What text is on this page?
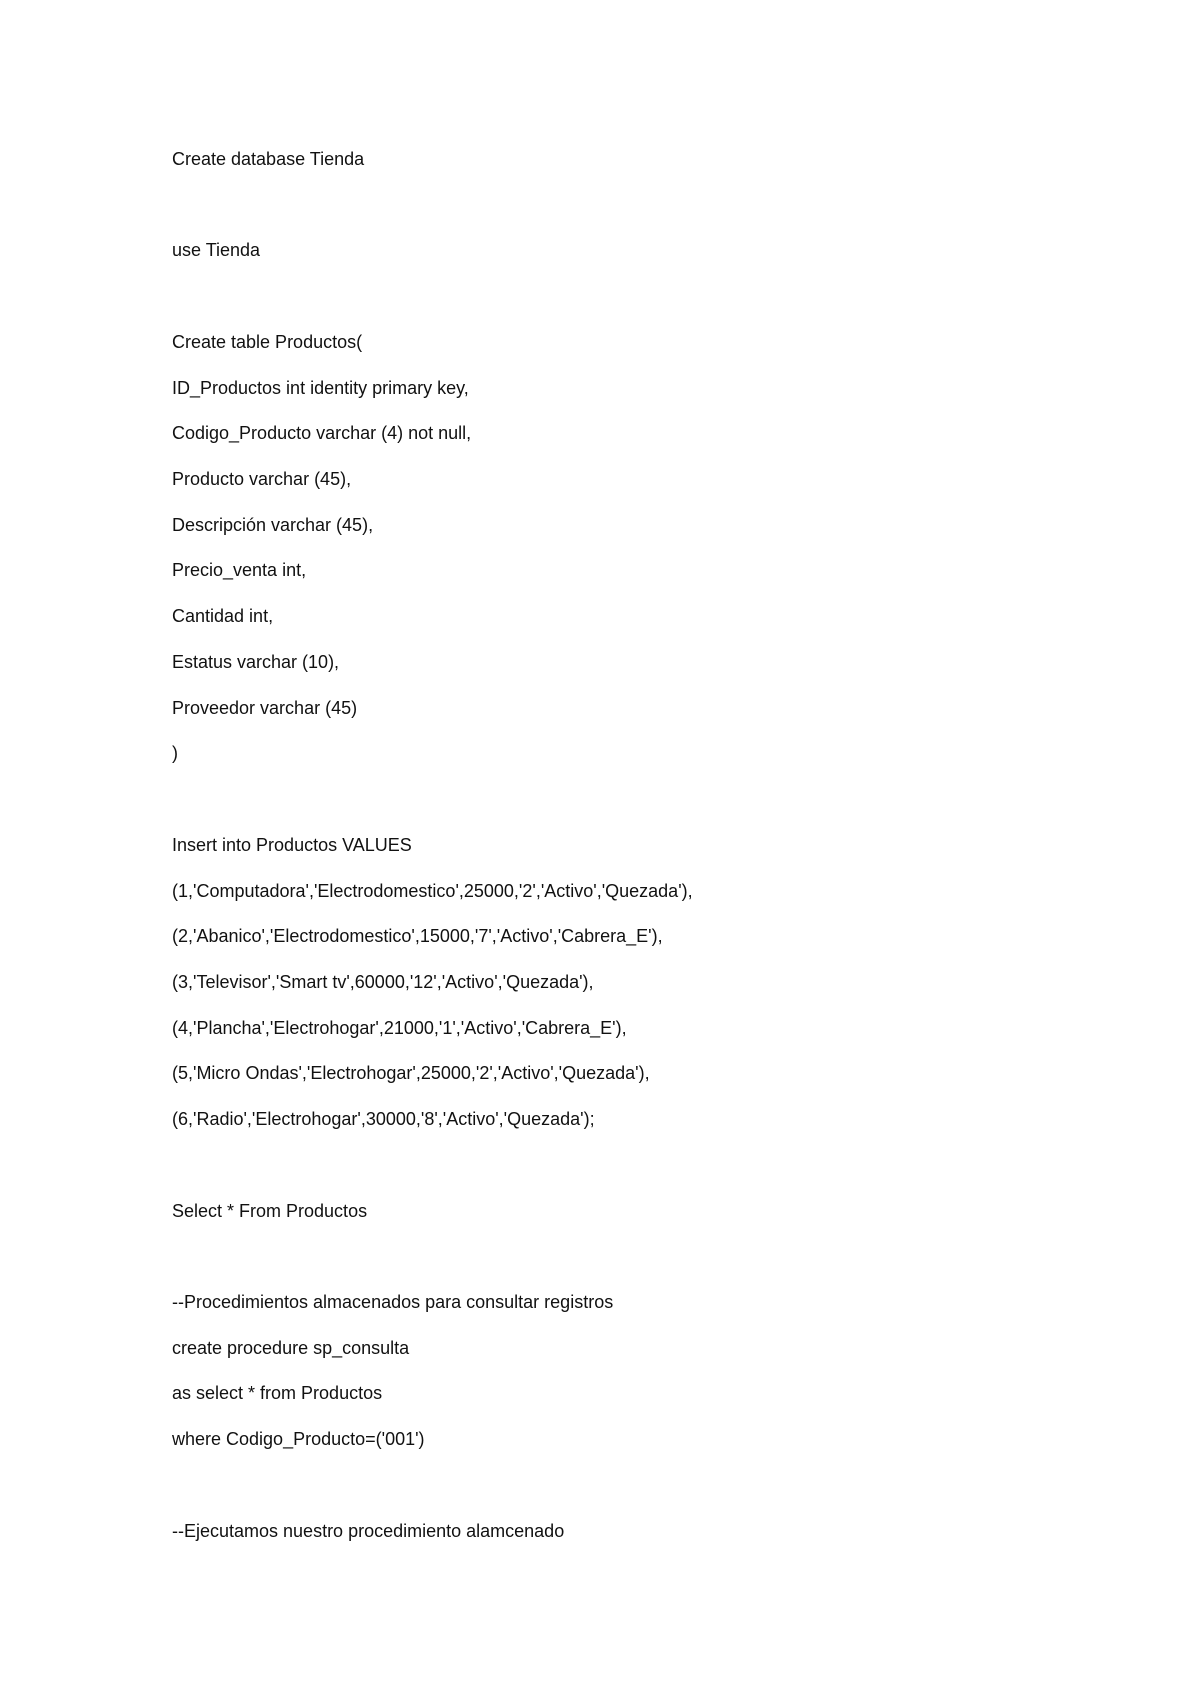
Create database Tienda
use Tienda
Create table Productos(
ID_Productos int identity primary key,
Codigo_Producto varchar (4) not null,
Producto varchar (45),
Descripción varchar (45),
Precio_venta int,
Cantidad int,
Estatus varchar (10),
Proveedor varchar (45)
)
Insert into Productos VALUES
(1,'Computadora','Electrodomestico',25000,'2','Activo','Quezada'),
(2,'Abanico','Electrodomestico',15000,'7','Activo','Cabrera_E'),
(3,'Televisor','Smart tv',60000,'12','Activo','Quezada'),
(4,'Plancha','Electrohogar',21000,'1','Activo','Cabrera_E'),
(5,'Micro Ondas','Electrohogar',25000,'2','Activo','Quezada'),
(6,'Radio','Electrohogar',30000,'8','Activo','Quezada');
Select * From Productos
--Procedimientos almacenados para consultar registros
create procedure sp_consulta
as select * from Productos
where Codigo_Producto=('001')
--Ejecutamos nuestro procedimiento alamcenado
